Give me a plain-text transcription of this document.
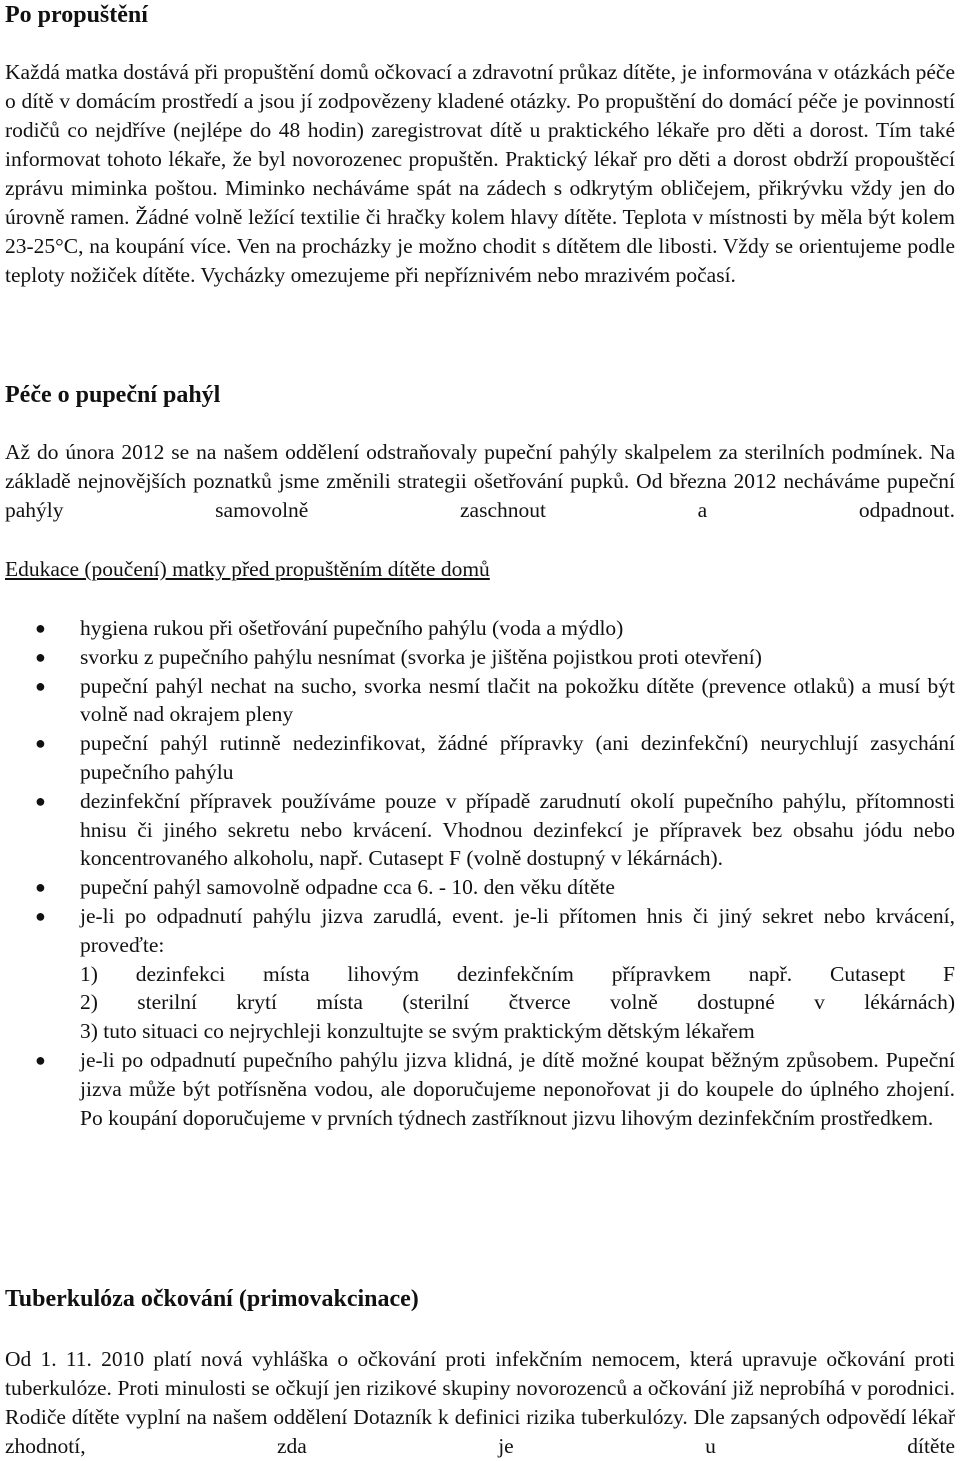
Po propuštění

Každá matka dostává při propuštění domů očkovací a zdravotní průkaz dítěte, je informována v otázkách péče o dítě v domácím prostředí a jsou jí zodpovězeny kladené otázky. Po propuštění do domácí péče je povinností rodičů co nejdříve (nejlépe do 48 hodin) zaregistrovat dítě u praktického lékaře pro děti a dorost. Tím také informovat tohoto lékaře, že byl novorozenec propuštěn. Praktický lékař pro děti a dorost obdrží propouštěcí zprávu miminka poštou. Miminko necháváme spát na zádech s odkrytým obličejem, přikrývku vždy jen do úrovně ramen. Žádné volně ležící textilie či hračky kolem hlavy dítěte. Teplota v místnosti by měla být kolem 23-25°C, na koupání více. Ven na procházky je možno chodit s dítětem dle libosti. Vždy se orientujeme podle teploty nožiček dítěte. Vycházky omezujeme při nepříznivém nebo mrazivém počasí.

Péče o pupeční pahýl

Až do února 2012 se na našem oddělení odstraňovaly pupeční pahýly skalpelem za sterilních podmínek. Na základě nejnovějších poznatků jsme změnili strategii ošetřování pupků. Od března 2012 necháváme pupeční pahýly samovolně zaschnout a odpadnout.

Edukace (poučení) matky před propuštěním dítěte domů
● hygiena rukou při ošetřování pupečního pahýlu (voda a mýdlo)
● svorku z pupečního pahýlu nesnímat (svorka je jištěna pojistkou proti otevření)
● pupeční pahýl nechat na sucho, svorka nesmí tlačit na pokožku dítěte (prevence otlaků) a musí být volně nad okrajem pleny
● pupeční pahýl rutinně nedezinfikovat, žádné přípravky (ani dezinfekční) neurychlují zasychání pupečního pahýlu
● dezinfekční přípravek používáme pouze v případě zarudnutí okolí pupečního pahýlu, přítomnosti hnisu či jiného sekretu nebo krvácení. Vhodnou dezinfekcí je přípravek bez obsahu jódu nebo koncentrovaného alkoholu, např. Cutasept F (volně dostupný v lékárnách).
● pupeční pahýl samovolně odpadne cca 6. - 10. den věku dítěte
● je-li po odpadnutí pahýlu jizva zarudlá, event. je-li přítomen hnis či jiný sekret nebo krvácení, proveďte:
1) dezinfekci místa lihovým dezinfekčním přípravkem např. Cutasept F
2) sterilní krytí místa (sterilní čtverce volně dostupné v lékárnách)
3) tuto situaci co nejrychleji konzultujte se svým praktickým dětským lékařem
● je-li po odpadnutí pupečního pahýlu jizva klidná, je dítě možné koupat běžným způsobem. Pupeční jizva může být potřísněna vodou, ale doporučujeme neponořovat ji do koupele do úplného zhojení. Po koupání doporučujeme v prvních týdnech zastříknout jizvu lihovým dezinfekčním prostředkem.
Tuberkulóza očkování (primovakcinace)

Od 1. 11. 2010 platí nová vyhláška o očkování proti infekčním nemocem, která upravuje očkování proti tuberkulóze. Proti minulosti se očkují jen rizikové skupiny novorozenců a očkování již neprobíhá v porodnici. Rodiče dítěte vyplní na našem oddělení Dotazník k definici rizika tuberkulózy. Dle zapsaných odpovědí lékař zhodnotí, zda je u dítěte
